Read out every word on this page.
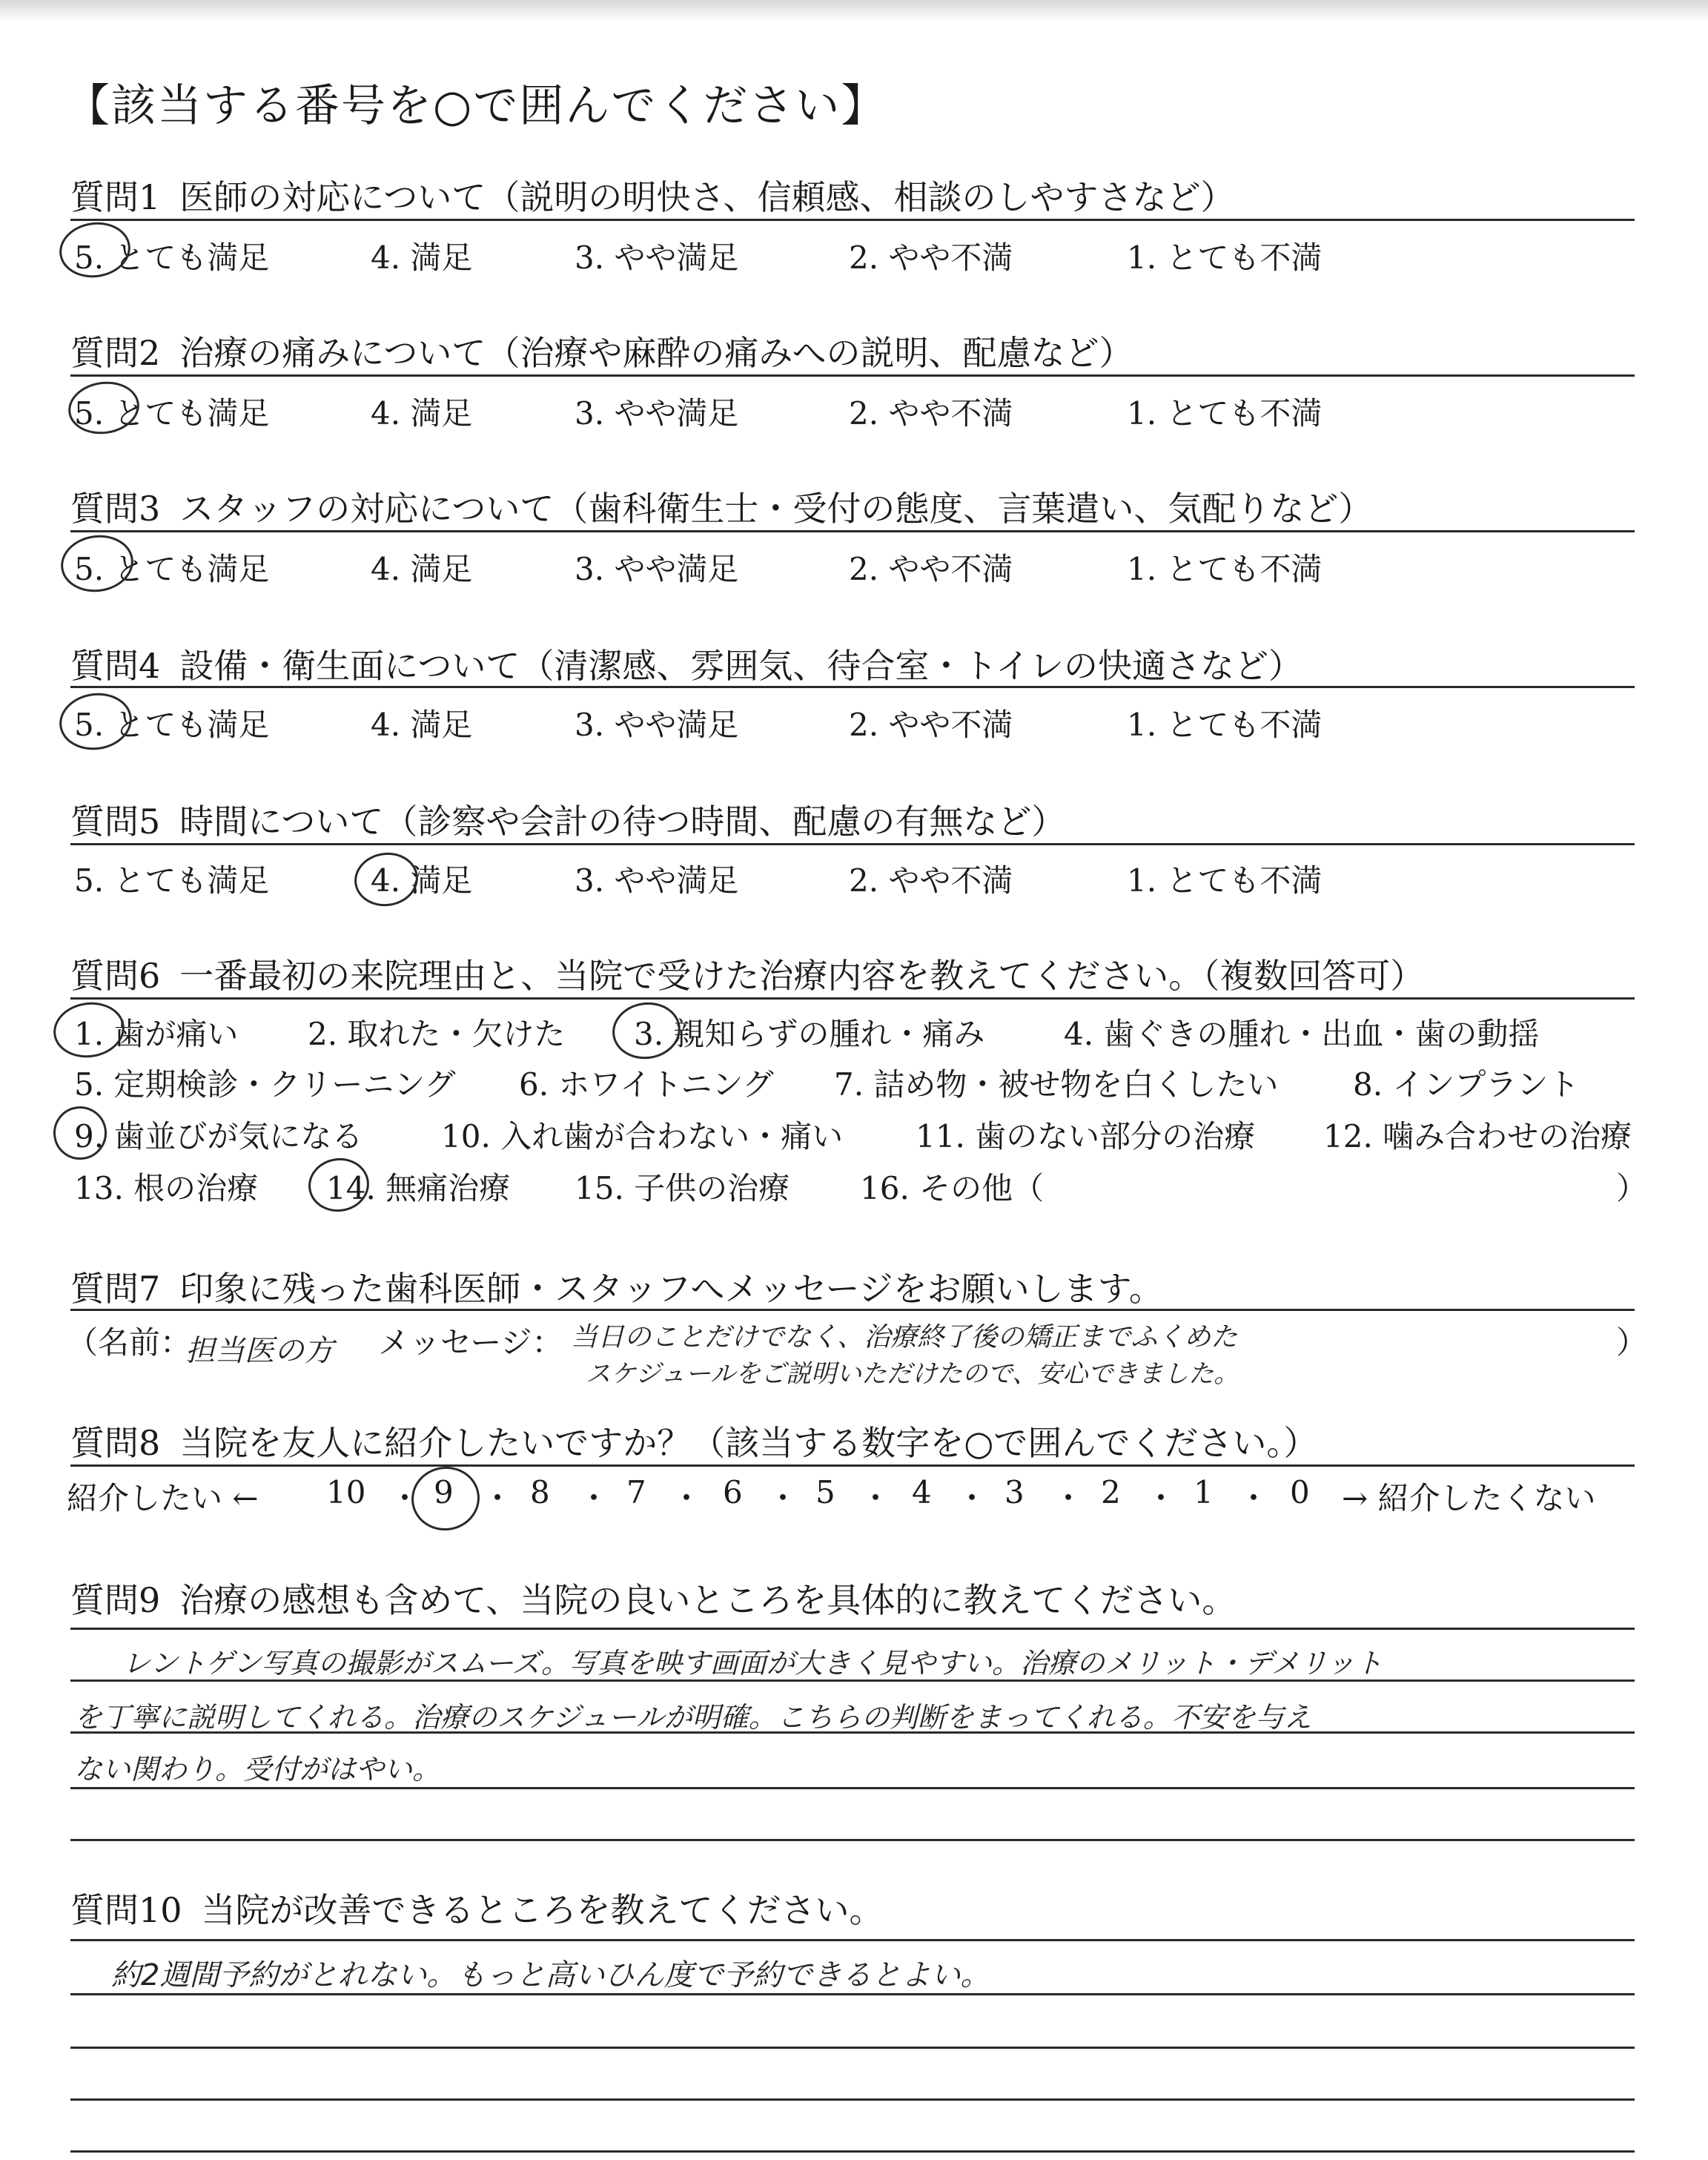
【該当する番号を○で囲んでください】
質問1 医師の対応について（説明の明快さ、信頼感、相談のしやすさなど）
5. とても満足	4. 満足	3. やや満足	2. やや不満	1. とても不満
質問2 治療の痛みについて（治療や麻酔の痛みへの説明、配慮など）
5. とても満足	4. 満足	3. やや満足	2. やや不満	1. とても不満
質問3 スタッフの対応について（歯科衛生士・受付の態度、言葉遣い、気配りなど）
5. とても満足	4. 満足	3. やや満足	2. やや不満	1. とても不満
質問4 設備・衛生面について（清潔感、雰囲気、待合室・トイレの快適さなど）
5. とても満足	4. 満足	3. やや満足	2. やや不満	1. とても不満
質問5 時間について（診察や会計の待つ時間、配慮の有無など）
5. とても満足	4. 満足	3. やや満足	2. やや不満	1. とても不満
質問6 一番最初の来院理由と、当院で受けた治療内容を教えてください。（複数回答可）
1. 歯が痛い 2. 取れた・欠けた 3. 親知らずの腫れ・痛み	4. 歯ぐきの腫れ・出血・歯の動揺
5. 定期検診・クリーニング 6. ホワイトニング 7. 詰め物・被せ物を白くしたい 8. インプラント
9. 歯並びが気になる	10. 入れ歯が合わない・痛い 11. 歯のない部分の治療 12. 噛み合わせの治療
13. 根の治療 14. 無痛治療 15. 子供の治療 16. その他（	）
質問7 印象に残った歯科医師・スタッフへメッセージをお願いします。
（名前：
担当医の方 メッセージ： 当日のことだけでなく、治療終了後の矯正までふくめた
スケジュールをご説明いただけたので、安心できました。
）
質問8 当院を友人に紹介したいですか？（該当する数字を○で囲んでください。）
紹介したい ← 10 ・ 9 ・ 8 ・ 7 ・ 6 ・ 5 ・ 4 ・ 3 ・ 2 ・ 1 ・ 0 → 紹介したくない
質問9 治療の感想も含めて、当院の良いところを具体的に教えてください。
レントゲン写真の撮影がスムーズ。写真を映す画面が大きく見やすい。治療のメリット・デメリット
を丁寧に説明してくれる。治療のスケジュールが明確。こちらの判断をまってくれる。不安を与え
ない関わり。受付がはやい。
質問10 当院が改善できるところを教えてください。
約2週間予約がとれない。もっと高いひん度で予約できるとよい。
